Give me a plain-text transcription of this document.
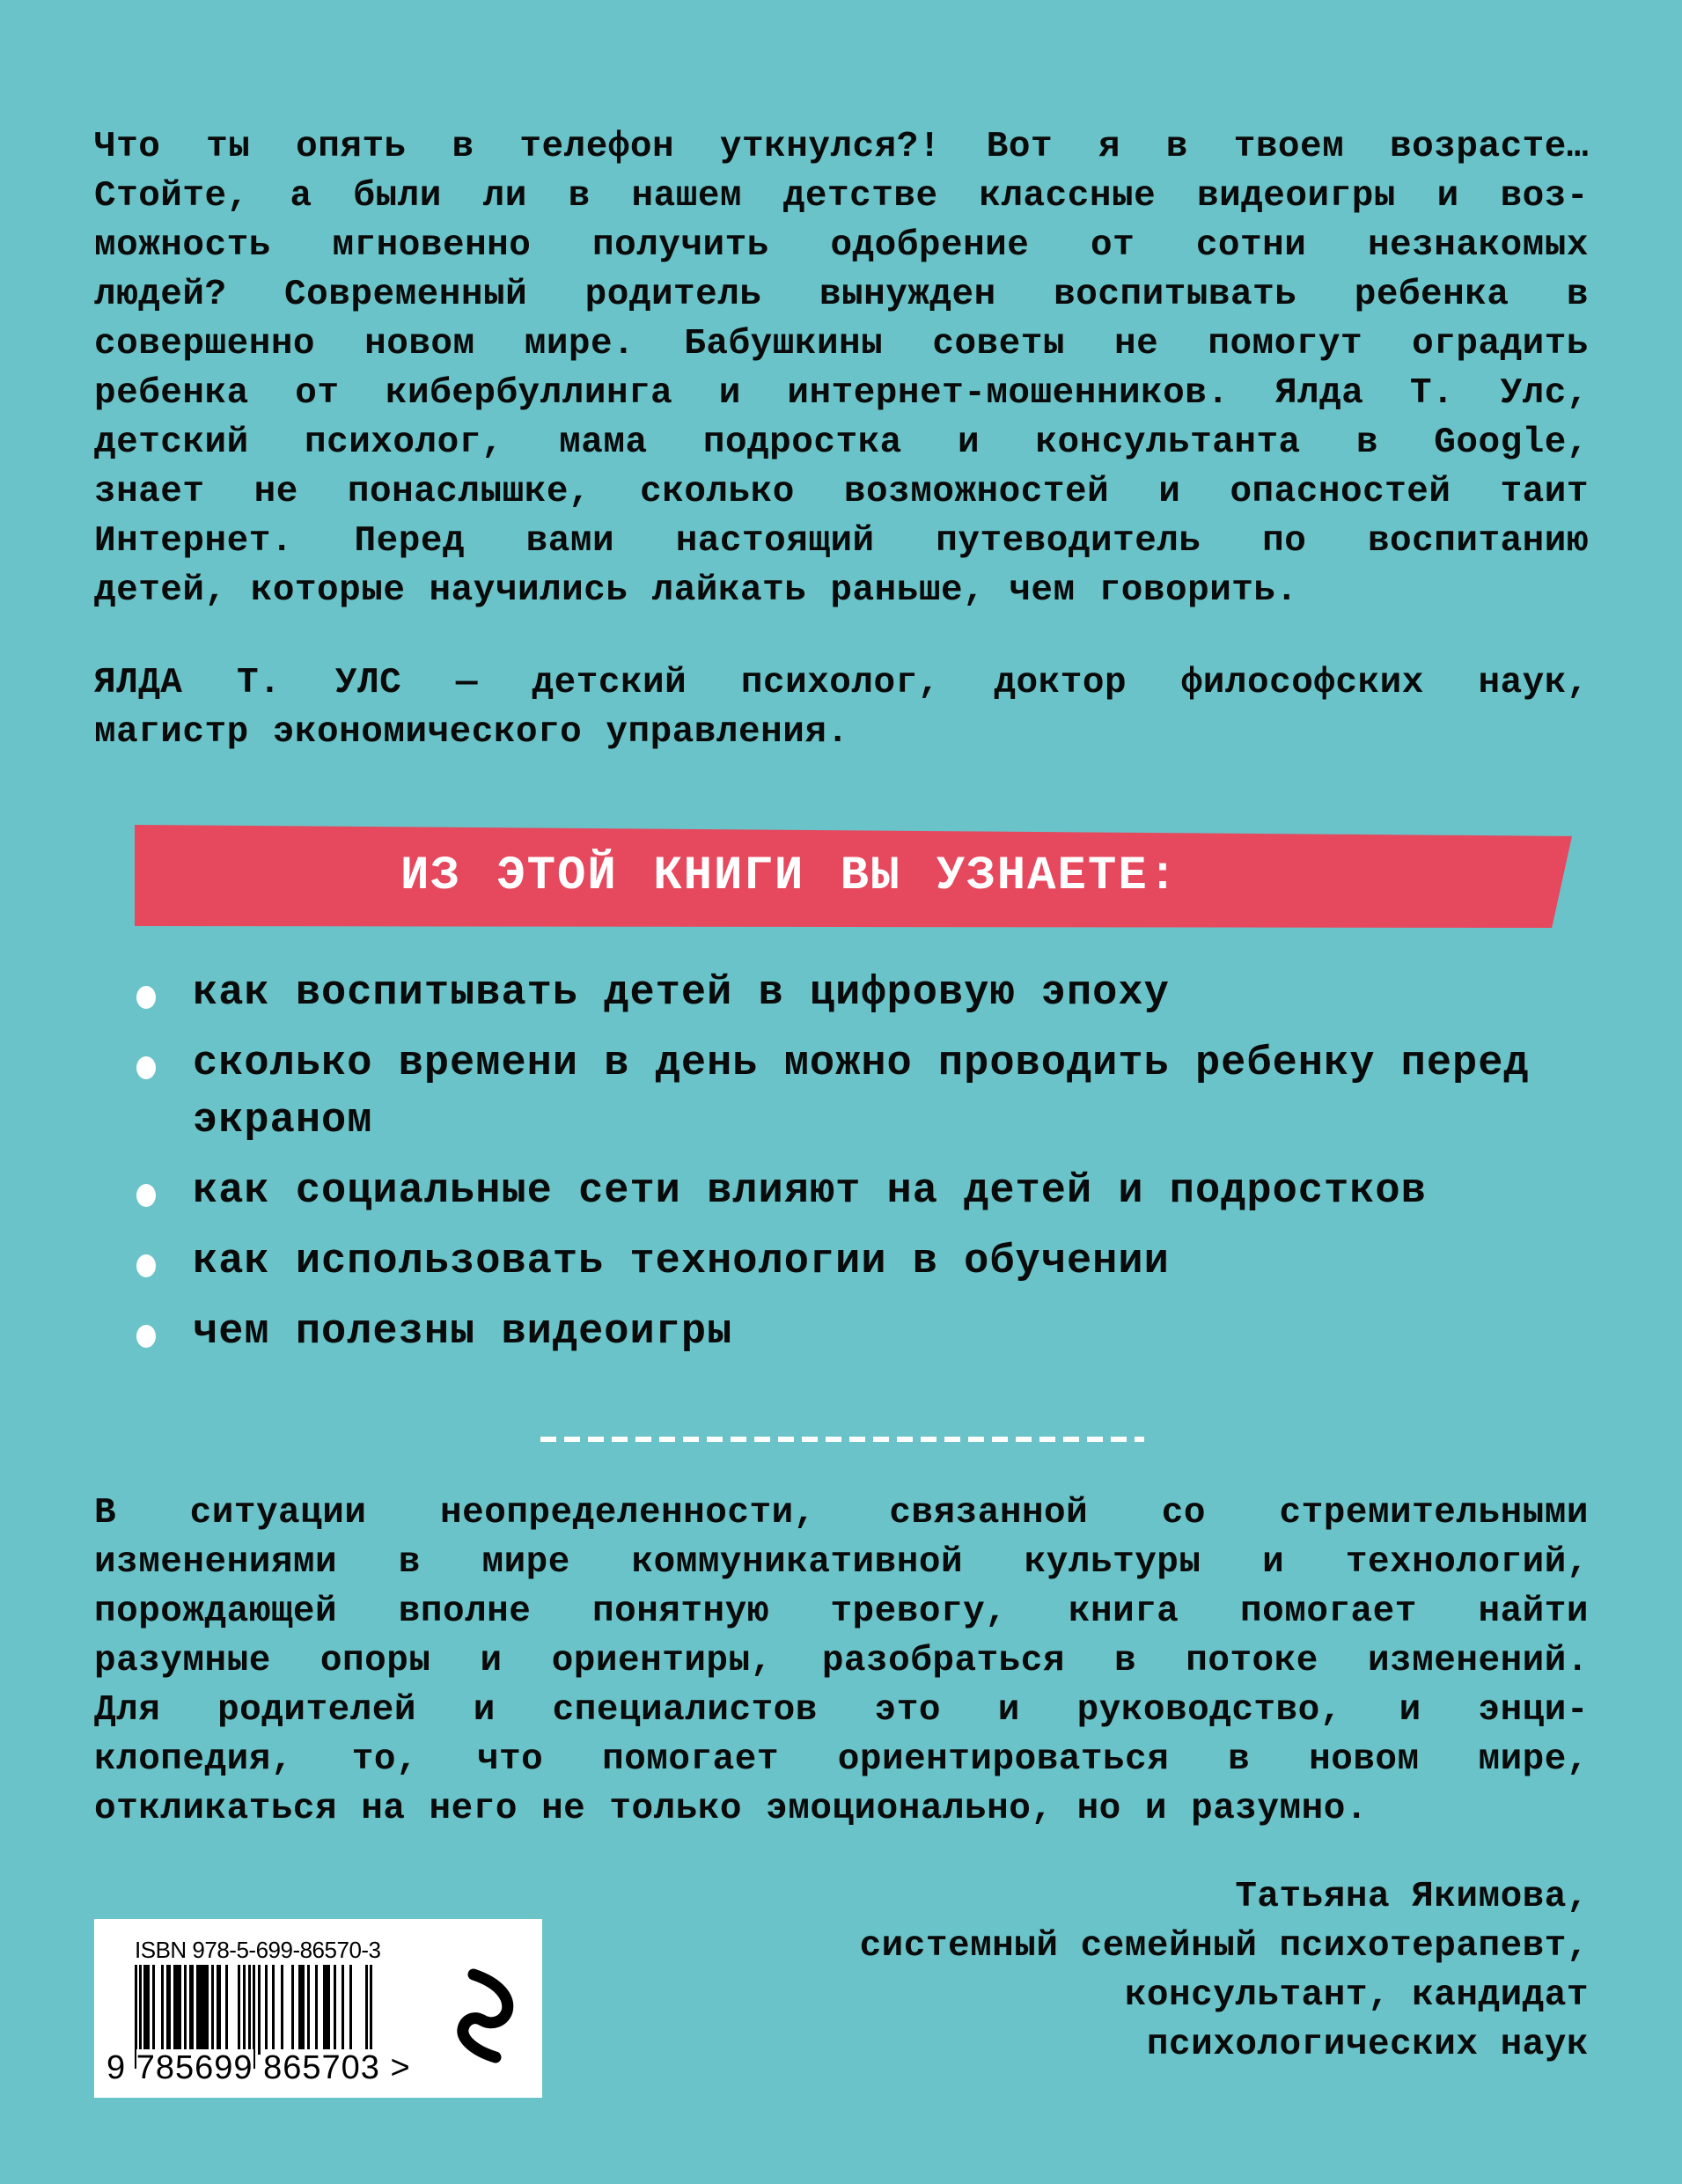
Что ты опять в телефон уткнулся?! Вот я в твоем возрасте…
Стойте, а были ли в нашем детстве классные видеоигры и воз-
можность мгновенно получить одобрение от сотни незнакомых
людей? Современный родитель вынужден воспитывать ребенка в
совершенно новом мире. Бабушкины советы не помогут оградить
ребенка от кибербуллинга и интернет-мошенников. Ялда Т. Улс,
детский психолог, мама подростка и консультанта в Google,
знает не понаслышке, сколько возможностей и опасностей таит
Интернет. Перед вами настоящий путеводитель по воспитанию
детей, которые научились лайкать раньше, чем говорить.
ЯЛДА Т. УЛС — детский психолог, доктор философских наук,
магистр экономического управления.
ИЗ ЭТОЙ КНИГИ ВЫ УЗНАЕТЕ:
как воспитывать детей в цифровую эпоху
сколько времени в день можно проводить ребенку перед экраном
как социальные сети влияют на детей и подростков
как использовать технологии в обучении
чем полезны видеоигры
В ситуации неопределенности, связанной со стремительными
изменениями в мире коммуникативной культуры и технологий,
порождающей вполне понятную тревогу, книга помогает найти
разумные опоры и ориентиры, разобраться в потоке изменений.
Для родителей и специалистов это и руководство, и энци-
клопедия, то, что помогает ориентироваться в новом мире,
откликаться на него не только эмоционально, но и разумно.
Татьяна Якимова,
системный семейный психотерапевт,
консультант, кандидат
психологических наук
ISBN 978-5-699-86570-3
9 785699 865703 >
